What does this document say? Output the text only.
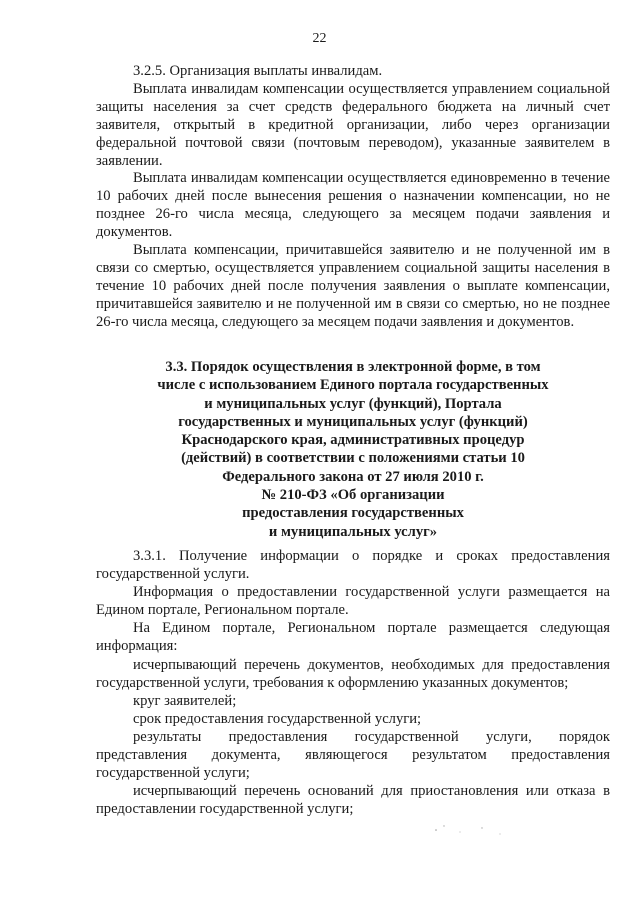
22

3.2.5. Организация выплаты инвалидам.

Выплата инвалидам компенсации осуществляется управлением социальной защиты населения за счет средств федерального бюджета на личный счет заявителя, открытый в кредитной организации, либо через организации федеральной почтовой связи (почтовым переводом), указанные заявителем в заявлении.

Выплата инвалидам компенсации осуществляется единовременно в течение 10 рабочих дней после вынесения решения о назначении компенсации, но не позднее 26-го числа месяца, следующего за месяцем подачи заявления и документов.

Выплата компенсации, причитавшейся заявителю и не полученной им в связи со смертью, осуществляется управлением социальной защиты населения в течение 10 рабочих дней после получения заявления о выплате компенсации, причитавшейся заявителю и не полученной им в связи со смертью, но не позднее 26-го числа месяца, следующего за месяцем подачи заявления и документов.

3.3. Порядок осуществления в электронной форме, в том
числе с использованием Единого портала государственных
и муниципальных услуг (функций), Портала
государственных и муниципальных услуг (функций)
Краснодарского края, административных процедур
(действий) в соответствии с положениями статьи 10
Федерального закона от 27 июля 2010 г.
№ 210-ФЗ «Об организации
предоставления государственных
и муниципальных услуг»

3.3.1. Получение информации о порядке и сроках предоставления государственной услуги.

Информация о предоставлении государственной услуги размещается на Едином портале, Региональном портале.

На Едином портале, Региональном портале размещается следующая информация:

исчерпывающий перечень документов, необходимых для предоставления государственной услуги, требования к оформлению указанных документов;

круг заявителей;

срок предоставления государственной услуги;

результаты предоставления государственной услуги, порядок представления документа, являющегося результатом предоставления государственной услуги;

исчерпывающий перечень оснований для приостановления или отказа в предоставлении государственной услуги;
